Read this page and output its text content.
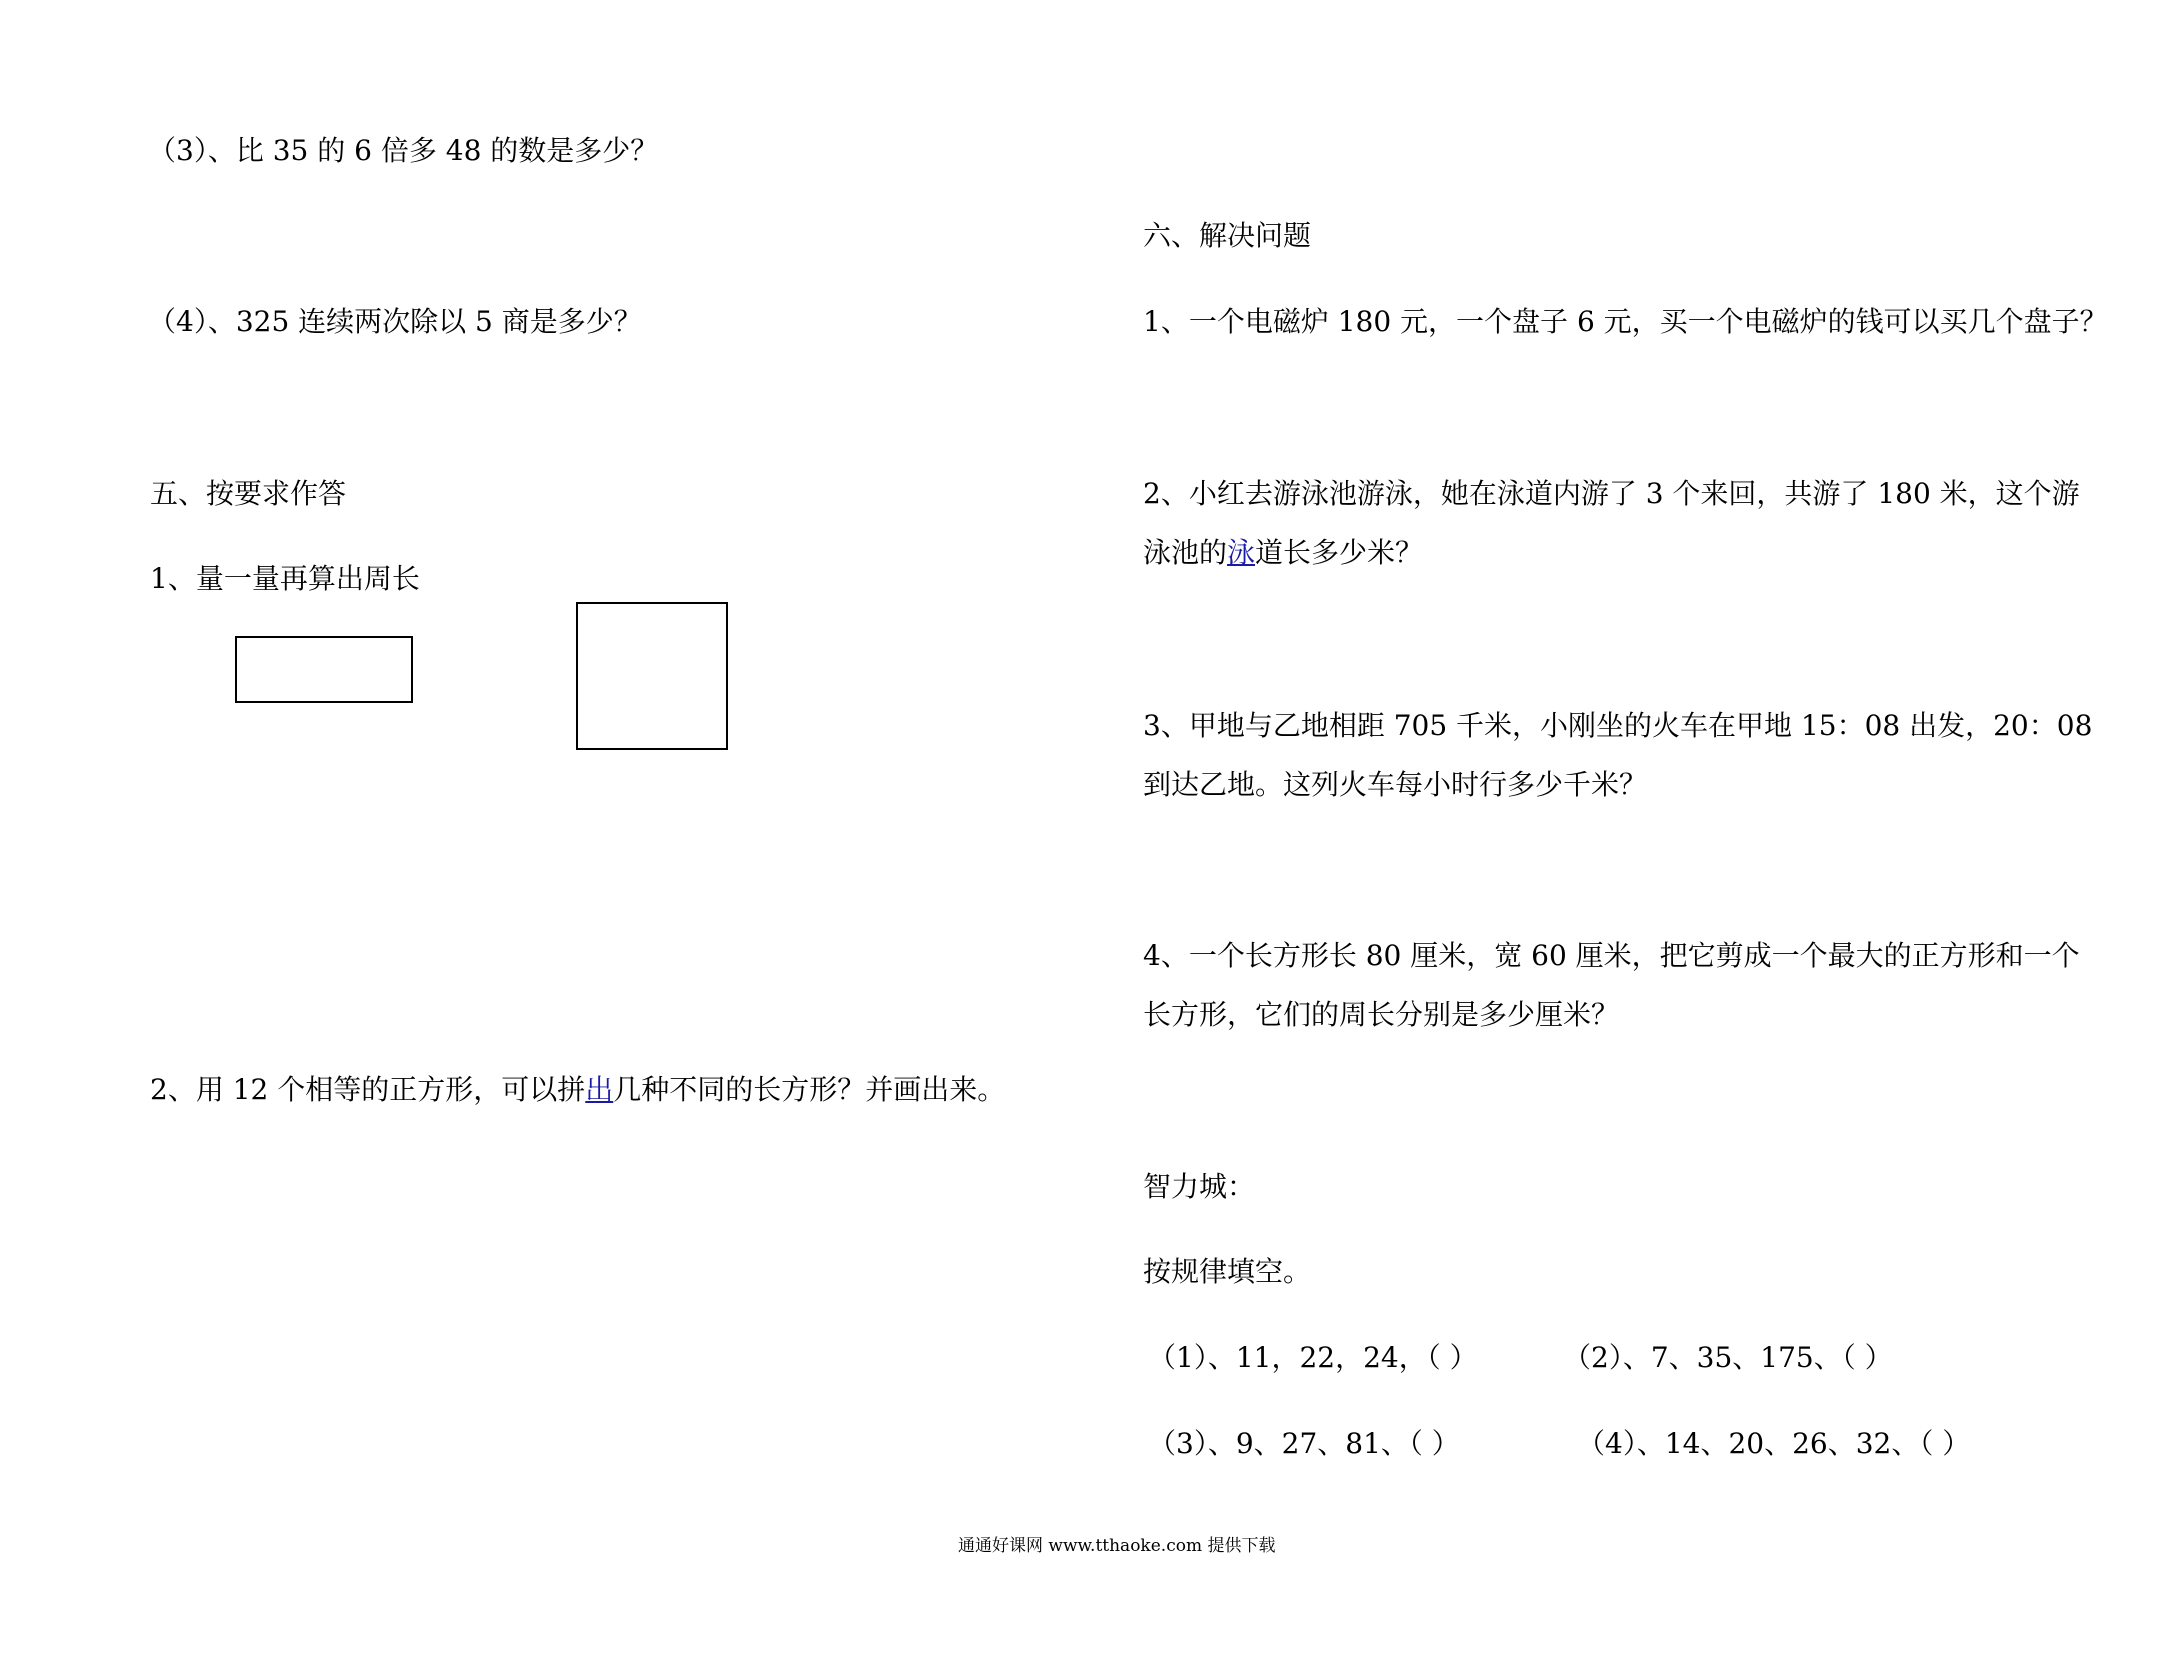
（3）、比 35 的 6 倍多 48 的数是多少？
（4）、325 连续两次除以 5 商是多少？
五、按要求作答
1、量一量再算出周长
2、用 12 个相等的正方形，可以拼出几种不同的长方形？并画出来。
六、解决问题
1、一个电磁炉 180 元，一个盘子 6 元，买一个电磁炉的钱可以买几个盘子？
2、小红去游泳池游泳，她在泳道内游了 3 个来回，共游了 180 米，这个游
泳池的泳道长多少米？
3、甲地与乙地相距 705 千米，小刚坐的火车在甲地 15：08 出发，20：08
到达乙地。这列火车每小时行多少千米？
4、一个长方形长 80 厘米，宽 60 厘米，把它剪成一个最大的正方形和一个
长方形，它们的周长分别是多少厘米？
智力城：
按规律填空。
（1）、11，22，24，（ ）	（2）、7、35、175、（ ）
（3）、9、27、81、（ ）	（4）、14、20、26、32、（ ）
通通好课网 www.tthaoke.com 提供下载
